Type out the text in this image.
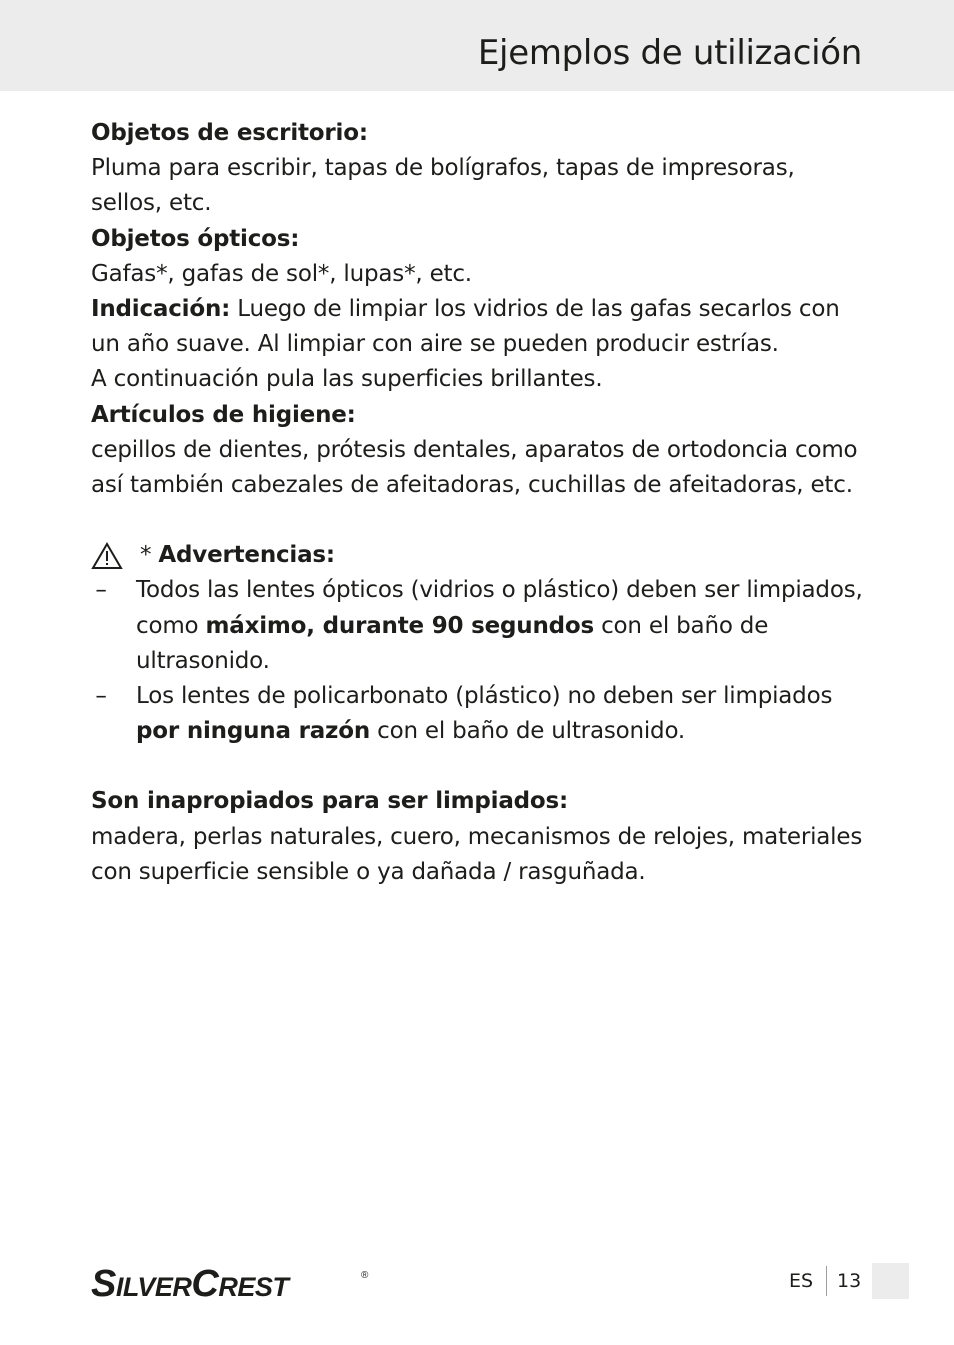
Ejemplos de utilización

Objetos de escritorio:

Pluma para escribir, tapas de bolígrafos, tapas de impresoras, sellos, etc.

Objetos ópticos:

Gafas*, gafas de sol*, lupas*, etc.

Indicación: Luego de limpiar los vidrios de las gafas secarlos con un año suave. Al limpiar con aire se pueden producir estrías.

A continuación pula las superficies brillantes.

Artículos de higiene:

cepillos de dientes, prótesis dentales, aparatos de ortodoncia como así también cabezales de afeitadoras, cuchillas de afeitadoras, etc.

* Advertencias:
– Todos las lentes ópticos (vidrios o plástico) deben ser limpiados, como máximo, durante 90 segundos con el baño de ultrasonido.
– Los lentes de policarbonato (plástico) no deben ser limpiados
por ninguna razón con el baño de ultrasonido.

Son inapropiados para ser limpiados:

madera, perlas naturales, cuero, mecanismos de relojes, materiales con superficie sensible o ya dañada / rasguñada.

SILVERCREST	®	ES 13
